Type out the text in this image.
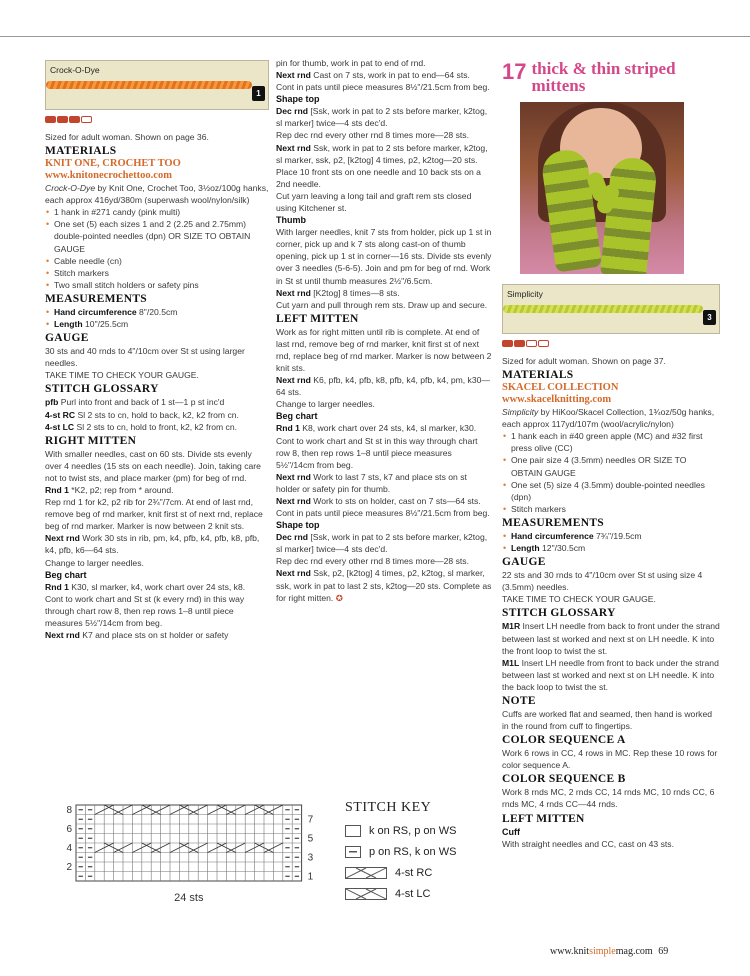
Crock-O-Dye
1

Sized for adult woman. Shown on page 36.

MATERIALS
KNIT ONE, CROCHET TOO
www.knitonecrochettoo.com

Crock-O-Dye by Knit One, Crochet Too, 3½oz/100g hanks, each approx 416yd/380m (superwash wool/nylon/silk)

• 1 hank in #271 candy (pink multi)
• One set (5) each sizes 1 and 2 (2.25 and 2.75mm) double-pointed needles (dpn) OR SIZE TO OBTAIN GAUGE
• Cable needle (cn)
• Stitch markers
• Two small stitch holders or safety pins
MEASUREMENTS
• Hand circumference 8"/20.5cm
• Length 10"/25.5cm
GAUGE

30 sts and 40 rnds to 4"/10cm over St st using larger needles.

TAKE TIME TO CHECK YOUR GAUGE.

STITCH GLOSSARY

pfb Purl into front and back of 1 st—1 p st inc'd

4-st RC Sl 2 sts to cn, hold to back, k2, k2 from cn.

4-st LC Sl 2 sts to cn, hold to front, k2, k2 from cn.

RIGHT MITTEN

With smaller needles, cast on 60 sts. Divide sts evenly over 4 needles (15 sts on each needle). Join, taking care not to twist sts, and place marker (pm) for beg of rnd.

Rnd 1 *K2, p2; rep from * around.

Rep rnd 1 for k2, p2 rib for 2¾"/7cm. At end of last rnd, remove beg of rnd marker, knit first st of next rnd, replace beg of rnd marker. Marker is now between 2 knit sts.

Next rnd Work 30 sts in rib, pm, k4, pfb, k4, pfb, k8, pfb, k4, pfb, k6—64 sts.

Change to larger needles.

Beg chart

Rnd 1 K30, sl marker, k4, work chart over 24 sts, k8.

Cont to work chart and St st (k every rnd) in this way through chart row 8, then rep rows 1–8 until piece measures 5½"/14cm from beg.

Next rnd K7 and place sts on st holder or safety

pin for thumb, work in pat to end of rnd.

Next rnd Cast on 7 sts, work in pat to end—64 sts.

Cont in pats until piece measures 8½"/21.5cm from beg.

Shape top

Dec rnd [Ssk, work in pat to 2 sts before marker, k2tog, sl marker] twice—4 sts dec'd.

Rep dec rnd every other rnd 8 times more—28 sts.

Next rnd Ssk, work in pat to 2 sts before marker, k2tog, sl marker, ssk, p2, [k2tog] 4 times, p2, k2tog—20 sts.

Place 10 front sts on one needle and 10 back sts on a 2nd needle.

Cut yarn leaving a long tail and graft rem sts closed using Kitchener st.

Thumb

With larger needles, knit 7 sts from holder, pick up 1 st in corner, pick up and k 7 sts along cast-on of thumb opening, pick up 1 st in corner—16 sts. Divide sts evenly over 3 needles (5-6-5). Join and pm for beg of rnd. Work in St st until thumb measures 2½"/6.5cm.

Next rnd [K2tog] 8 times—8 sts.

Cut yarn and pull through rem sts. Draw up and secure.

LEFT MITTEN

Work as for right mitten until rib is complete. At end of last rnd, remove beg of rnd marker, knit first st of next rnd, replace beg of rnd marker. Marker is now between 2 knit sts.

Next rnd K6, pfb, k4, pfb, k8, pfb, k4, pfb, k4, pm, k30—64 sts.

Change to larger needles.

Beg chart

Rnd 1 K8, work chart over 24 sts, k4, sl marker, k30.

Cont to work chart and St st in this way through chart row 8, then rep rows 1–8 until piece measures 5½"/14cm from beg.

Next rnd Work to last 7 sts, k7 and place sts on st holder or safety pin for thumb.

Next rnd Work to sts on holder, cast on 7 sts—64 sts.

Cont in pats until piece measures 8½"/21.5cm from beg.

Shape top

Dec rnd [Ssk, work in pat to 2 sts before marker, k2tog, sl marker] twice—4 sts dec'd.

Rep dec rnd every other rnd 8 times more—28 sts.

Next rnd Ssk, p2, [k2tog] 4 times, p2, k2tog, sl marker, ssk, work in pat to last 2 sts, k2tog—20 sts. Complete as for right mitten. ✪

17 thick & thin striped mittens
Simplicity
3

Sized for adult woman. Shown on page 37.

MATERIALS
SKACEL COLLECTION
www.skacelknitting.com

Simplicity by HiKoo/Skacel Collection, 1¾oz/50g hanks, each approx 117yd/107m (wool/acrylic/nylon)

• 1 hank each in #40 green apple (MC) and #32 first press olive (CC)
• One pair size 4 (3.5mm) needles OR SIZE TO OBTAIN GAUGE
• One set (5) size 4 (3.5mm) double-pointed needles (dpn)
• Stitch markers
MEASUREMENTS
• Hand circumference 7¾"/19.5cm
• Length 12"/30.5cm
GAUGE

22 sts and 30 rnds to 4"/10cm over St st using size 4 (3.5mm) needles.

TAKE TIME TO CHECK YOUR GAUGE.

STITCH GLOSSARY

M1R Insert LH needle from back to front under the strand between last st worked and next st on LH needle. K into the front loop to twist the st.

M1L Insert LH needle from front to back under the strand between last st worked and next st on LH needle. K into the back loop to twist the st.

NOTE

Cuffs are worked flat and seamed, then hand is worked in the round from cuff to fingertips.

COLOR SEQUENCE A

Work 6 rows in CC, 4 rows in MC. Rep these 10 rows for color sequence A.

COLOR SEQUENCE B

Work 8 rnds MC, 2 rnds CC, 14 rnds MC, 10 rnds CC, 6 rnds MC, 4 rnds CC—44 rnds.

LEFT MITTEN
Cuff

With straight needles and CC, cast on 43 sts.

8
6
4
2
7
5
3
1
24 sts
STITCH KEY
k on RS, p on WS
p on RS, k on WS
4-st RC
4-st LC
www.knitsimplemag.com 69
